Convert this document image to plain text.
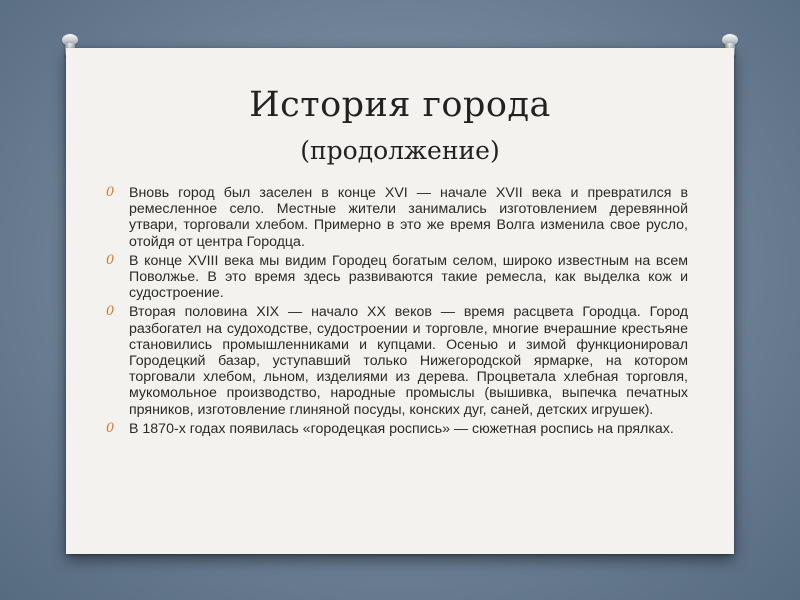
История города
(продолжение)
0 Вновь город был заселен в конце XVI — начале XVII века и превратился в ремесленное село. Местные жители занимались изготовлением деревянной утвари, торговали хлебом. Примерно в это же время Волга изменила свое русло, отойдя от центра Городца.
0 В конце XVIII века мы видим Городец богатым селом, широко известным на всем Поволжье. В это время здесь развиваются такие ремесла, как выделка кож и судостроение.
0 Вторая половина XIX — начало XX веков — время расцвета Городца. Город разбогател на судоходстве, судостроении и торговле, многие вчерашние крестьяне становились промышленниками и купцами. Осенью и зимой функционировал Городецкий базар, уступавший только Нижегородской ярмарке, на котором торговали хлебом, льном, изделиями из дерева. Процветала хлебная торговля, мукомольное производство, народные промыслы (вышивка, выпечка печатных пряников, изготовление глиняной посуды, конских дуг, саней, детских игрушек).
0 В 1870-х годах появилась «городецкая роспись» — сюжетная роспись на прялках.
